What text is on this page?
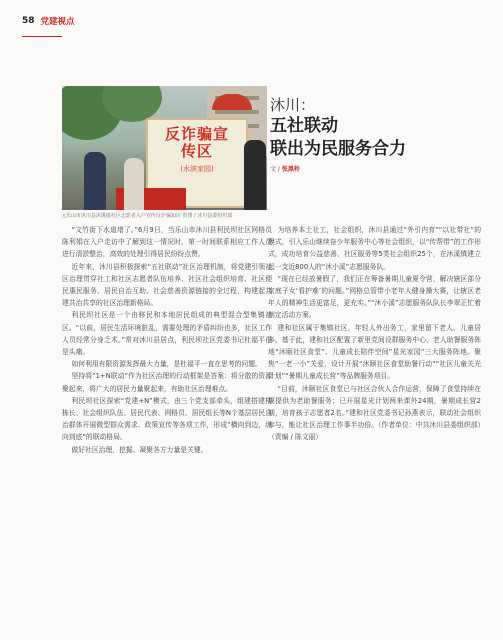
58 党建视点
反诈骗宣传区
(水滨家园)
△乐山市沐川县沐溪镇社区志愿者入户宣传反诈骗知识 供图 / 沐川县委组织部
沐川：
五社联动
联出为民服务合力
文 / 张黑柃

“文竹街下水道堵了。”6月9日，当乐山市沐川县利民坝社区网格员陈利娟在入户走访中了解到这一情况时，第一时间联系相应工作人员进行清淤整治，高效的处理引得居民纷纷点赞。

近年来，沐川县积极探索“五社联动”社区治理机制，将党建引领社区治理贯穿社工和社区志愿者队伍培养、社区社会组织培育、社区便民惠民服务、居民自治互助、社会慈善资源链接的全过程，构建起共建共治共享的社区治理新格局。

利民坝社区是一个由移民和本地居民组成的典型混合型集镇社区。“以前，居民生活环境脏乱，需要处理的矛盾纠纷也多，社区工作人员经常分身乏术。”常对沐川县居点，利民坝社区党委书记杜福平很是头痛。

如何利用有限资源发挥最大力量，是杜福平一直在思考的问题。

坚持将“1+N联动”作为社区治理的行动框架是答案：将分散的资源聚起来，将广大的居民力量聚起来，有助社区治理难点。

利民坝社区探索“党建+N”模式，由三个党支部牵头，组建搭建楼栋长、社会组织队伍、居民代表、网格员、居民组长等N个基层居民自治群体开展微型群众需求、政策宣传等各项工作，形成“横向到边，纵向到底”的联动格局。

做好社区治理，挖掘、凝聚各方力量是关键。

为培养本土社工，社会组织，沐川县通过“外引内育”“以社带社”的模式，引入乐山继续奋少年服务中心等社会组织，以“传帮带”的工作形式，成功培育公益慈善、社区服务等5类社会组织25个，在沐溪镇建立起一支近800人的“沐小溪”志愿服务队。

“现在已经放暑假了，我们正在筹备暑期儿童夏令营，解决辖区部分家庭子女‘看护难’的问题。”网格总管带小老年人健身操大赛，让辖区老年人的精神生活更富足，更充实。”“沐小溪”志愿服务队队长李翠正忙着制定活动方案。

建和社区属于集镇社区，年轻人外出务工，家里留下老人、儿童居多。基于此，建和社区配置了新里党间设群服务中心、老人助餐服务阵地“沐颐社区食堂”、儿童成长陪伴空间“星光家园”三大服务阵地。聚焦“一老一小”关爱，设计开展“沐颐社区食堂助餐行动”“社区儿童关光计划”“暑期儿童成长营”等品牌服务项目。

“目前，沐颐社区食堂已与社区合伙人合作运营，保障了食堂持续在规提供为老助餐服务；已开展星光计划两来课外24期，暑期成长营2期，培育孩子志愿者2名。”建和社区党委书记孙燕表示，联动社会组织参与，能让社区治理工作事半功倍。（作者单位：中共沐川县委组织部）（责编 / 陈文丽）
